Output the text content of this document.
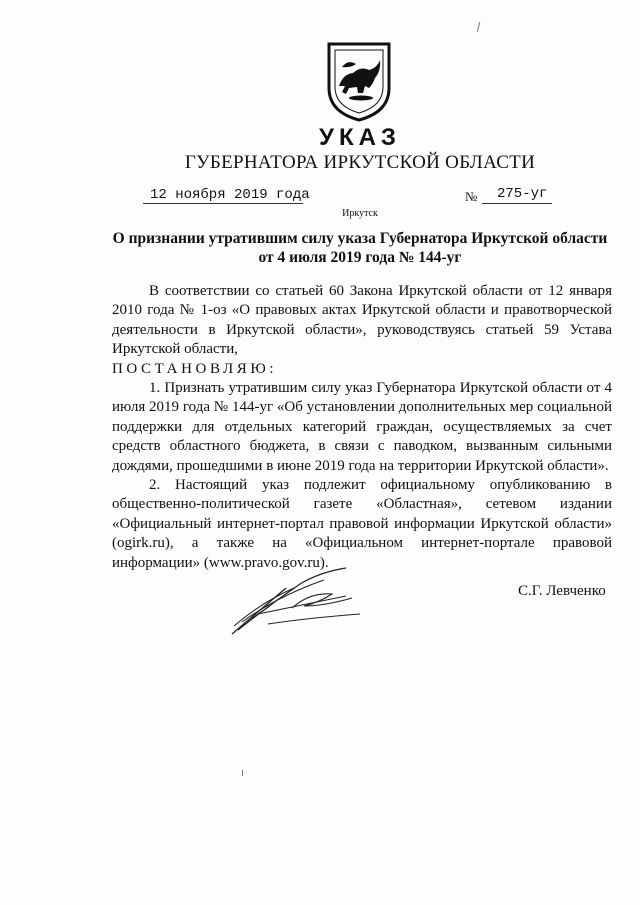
УКАЗ
ГУБЕРНАТОРА ИРКУТСКОЙ ОБЛАСТИ
12 ноября 2019 года	№ 275-уг
Иркутск
О признании утратившим силу указа Губернатора Иркутской области
от 4 июля 2019 года № 144-уг

В соответствии со статьей 60 Закона Иркутской области от 12 января 2010 года № 1-оз «О правовых актах Иркутской области и правотворческой деятельности в Иркутской области», руководствуясь статьей 59 Устава Иркутской области,

ПОСТАНОВЛЯЮ:

1. Признать утратившим силу указ Губернатора Иркутской области от 4 июля 2019 года № 144-уг «Об установлении дополнительных мер социальной поддержки для отдельных категорий граждан, осуществляемых за счет средств областного бюджета, в связи с паводком, вызванным сильными дождями, прошедшими в июне 2019 года на территории Иркутской области».

2. Настоящий указ подлежит официальному опубликованию в общественно-политической газете «Областная», сетевом издании «Официальный интернет-портал правовой информации Иркутской области» (ogirk.ru), а также на «Официальном интернет-портале правовой информации» (www.pravo.gov.ru).

С.Г. Левченко
